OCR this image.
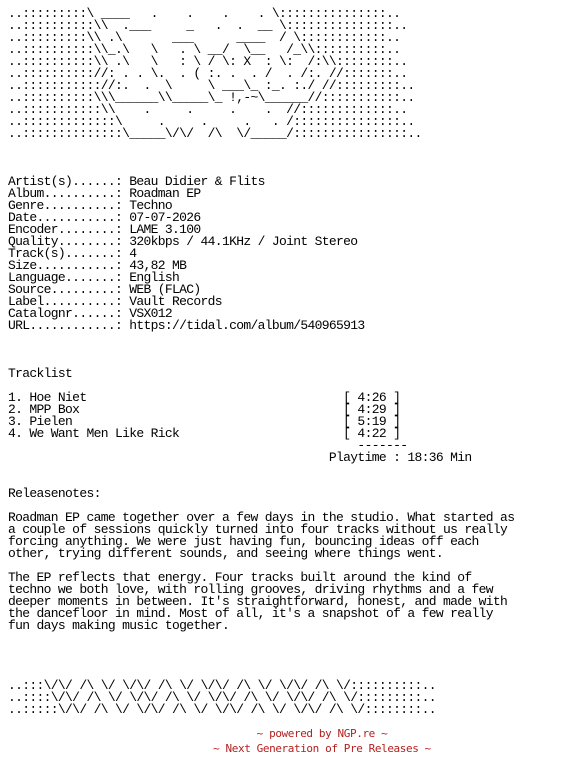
..:::::::::\ ____   .    .    .    . \:::::::::::::::..
..::::::::::\\  .___     _   .  .  __ \:::::::::::::::..
..:::::::::\\ .\       ___      ____  / \::::::::::::..
..::::::::::\\_.\   \   . \ __/  \__   /_\\::::::::::..
..::::::::::\\ .\   \   : \ / \: X  : \:  /:\\::::::::..
..:::::::::://: . . \.  . ( :. .  . /  . /:. //:::::::..
..::::::::::://:.  .  \     \ ___\_ :_. :./ //:::::::::..
..::::::::::\\\______\\_____\_ !,-~\______//:::::::::::..
..:::::::::::\\    .     .     .    .  //:::::::::::::..
..:::::::::::::\     .     .     .   . /:::::::::::::::..
..::::::::::::::\_____\/\/  /\  \/_____/::::::::::::::::..
Artist(s)......: Beau Didier & Flits
Album..........: Roadman EP
Genre..........: Techno
Date...........: 07-07-2026
Encoder........: LAME 3.100
Quality........: 320kbps / 44.1KHz / Joint Stereo
Track(s).......: 4
Size...........: 43,82 MB
Language.......: English
Source.........: WEB (FLAC)
Label..........: Vault Records
Catalognr......: VSX012
URL............: https://tidal.com/album/540965913
Tracklist
1. Hoe Niet                                    [ 4:26 ]
2. MPP Box                                     [ 4:29 ]
3. Pielen                                      [ 5:19 ]
4. We Want Men Like Rick                       [ 4:22 ]
-------
Playtime : 18:36 Min
Releasenotes:
Roadman EP came together over a few days in the studio. What started as
a couple of sessions quickly turned into four tracks without us really
forcing anything. We were just having fun, bouncing ideas off each
other, trying different sounds, and seeing where things went.
The EP reflects that energy. Four tracks built around the kind of
techno we both love, with rolling grooves, driving rhythms and a few
deeper moments in between. It's straightforward, honest, and made with
the dancefloor in mind. Most of all, it's a snapshot of a few really
fun days making music together.
..:::\/\/ /\ \/ \/\/ /\ \/ \/\/ /\ \/ \/\/ /\ \/::::::::::..
..::::\/\/ /\ \/ \/\/ /\ \/ \/\/ /\ \/ \/\/ /\ \/:::::::::..
..:::::\/\/ /\ \/ \/\/ /\ \/ \/\/ /\ \/ \/\/ /\ \/::::::::..
~ powered by NGP.re ~
~ Next Generation of Pre Releases ~
